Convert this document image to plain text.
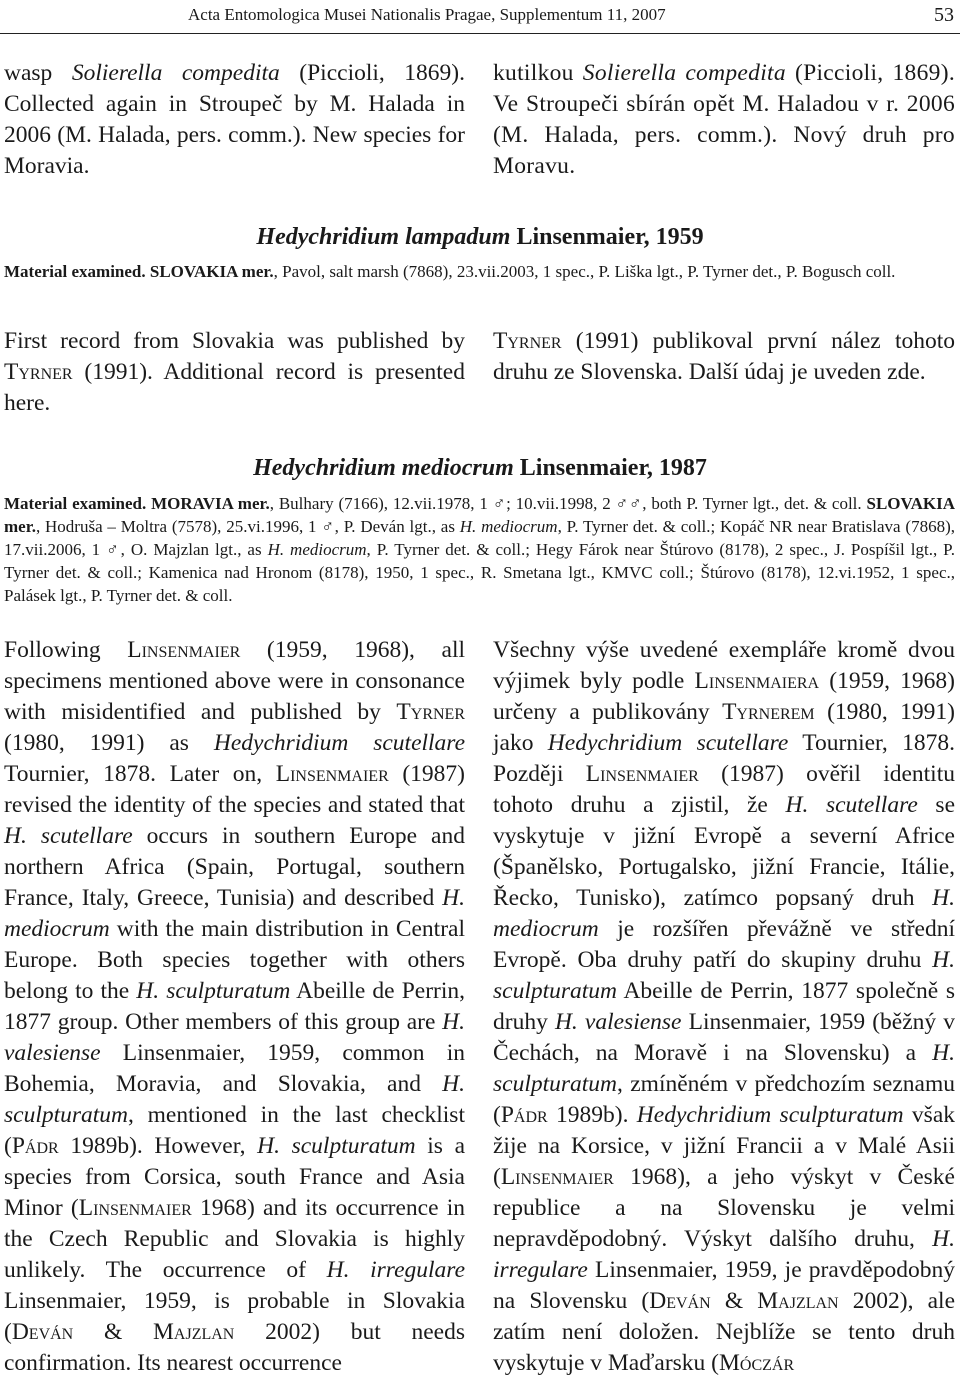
Acta Entomologica Musei Nationalis Pragae, Supplementum 11, 2007	53

wasp Solierella compedita (Piccioli, 1869). Collected again in Stroupeč by M. Halada in 2006 (M. Halada, pers. comm.). New species for Moravia.

kutilkou Solierella compedita (Piccioli, 1869). Ve Stroupeči sbírán opět M. Haladou v r. 2006 (M. Halada, pers. comm.). Nový druh pro Moravu.

Hedychridium lampadum Linsenmaier, 1959
Material examined. SLOVAKIA mer., Pavol, salt marsh (7868), 23.vii.2003, 1 spec., P. Liška lgt., P. Tyrner det., P. Bogusch coll.

First record from Slovakia was published by Tyrner (1991). Additional record is presented here.

Tyrner (1991) publikoval první nález tohoto druhu ze Slovenska. Další údaj je uveden zde.

Hedychridium mediocrum Linsenmaier, 1987
Material examined. MORAVIA mer., Bulhary (7166), 12.vii.1978, 1 ♂; 10.vii.1998, 2 ♂♂, both P. Tyrner lgt., det. & coll. SLOVAKIA mer., Hodruša – Moltra (7578), 25.vi.1996, 1 ♂, P. Deván lgt., as H. mediocrum, P. Tyrner det. & coll.; Kopáč NR near Bratislava (7868), 17.vii.2006, 1 ♂, O. Majzlan lgt., as H. mediocrum, P. Tyrner det. & coll.; Hegy Fárok near Štúrovo (8178), 2 spec., J. Pospíšil lgt., P. Tyrner det. & coll.; Kamenica nad Hronom (8178), 1950, 1 spec., R. Smetana lgt., KMVC coll.; Štúrovo (8178), 12.vi.1952, 1 spec., Palásek lgt., P. Tyrner det. & coll.

Following Linsenmaier (1959, 1968), all specimens mentioned above were in consonance with misidentified and published by Tyrner (1980, 1991) as Hedychridium scutellare Tournier, 1878. Later on, Linsenmaier (1987) revised the identity of the species and stated that H. scutellare occurs in southern Europe and northern Africa (Spain, Portugal, southern France, Italy, Greece, Tunisia) and described H. mediocrum with the main distribution in Central Europe. Both species together with others belong to the H. sculpturatum Abeille de Perrin, 1877 group. Other members of this group are H. valesiense Linsenmaier, 1959, common in Bohemia, Moravia, and Slovakia, and H. sculpturatum, mentioned in the last checklist (Pádr 1989b). However, H. sculpturatum is a species from Corsica, south France and Asia Minor (Linsenmaier 1968) and its occurrence in the Czech Republic and Slovakia is highly unlikely. The occurrence of H. irregulare Linsenmaier, 1959, is probable in Slovakia (Deván & Majzlan 2002) but needs confirmation. Its nearest occurrence

Všechny výše uvedené exempláře kromě dvou výjimek byly podle Linsenmaiera (1959, 1968) určeny a publikovány Tyrnerem (1980, 1991) jako Hedychridium scutellare Tournier, 1878. Později Linsenmaier (1987) ověřil identitu tohoto druhu a zjistil, že H. scutellare se vyskytuje v jižní Evropě a severní Africe (Španělsko, Portugalsko, jižní Francie, Itálie, Řecko, Tunisko), zatímco popsaný druh H. mediocrum je rozšířen převážně ve střední Evropě. Oba druhy patří do skupiny druhu H. sculpturatum Abeille de Perrin, 1877 společně s druhy H. valesiense Linsenmaier, 1959 (běžný v Čechách, na Moravě i na Slovensku) a H. sculpturatum, zmíněném v předchozím seznamu (Pádr 1989b). Hedychridium sculpturatum však žije na Korsice, v jižní Francii a v Malé Asii (Linsenmaier 1968), a jeho výskyt v České republice a na Slovensku je velmi nepravděpodobný. Výskyt dalšího druhu, H. irregulare Linsenmaier, 1959, je pravděpodobný na Slovensku (Deván & Majzlan 2002), ale zatím není doložen. Nejblíže se tento druh vyskytuje v Maďarsku (Móczár
